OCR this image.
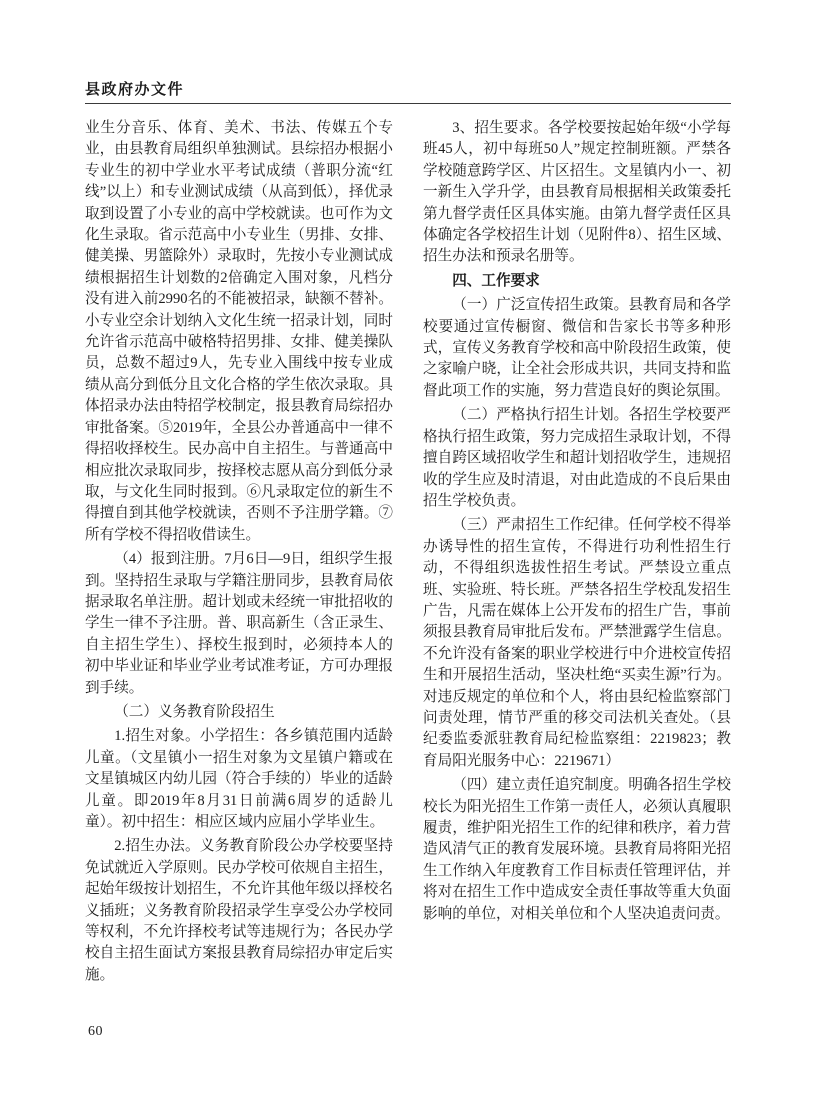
县政府办文件

业生分音乐、体育、美术、书法、传媒五个专业，由县教育局组织单独测试。县综招办根据小专业生的初中学业水平考试成绩（普职分流“红线”以上）和专业测试成绩（从高到低），择优录取到设置了小专业的高中学校就读。也可作为文化生录取。省示范高中小专业生（男排、女排、健美操、男篮除外）录取时，先按小专业测试成绩根据招生计划数的2倍确定入围对象，凡档分没有进入前2990名的不能被招录，缺额不替补。小专业空余计划纳入文化生统一招录计划，同时允许省示范高中破格特招男排、女排、健美操队员，总数不超过9人，先专业入围线中按专业成绩从高分到低分且文化合格的学生依次录取。具体招录办法由特招学校制定，报县教育局综招办审批备案。⑤2019年，全县公办普通高中一律不得招收择校生。民办高中自主招生。与普通高中相应批次录取同步，按择校志愿从高分到低分录取，与文化生同时报到。⑥凡录取定位的新生不得擅自到其他学校就读，否则不予注册学籍。⑦所有学校不得招收借读生。

（4）报到注册。7月6日—9日，组织学生报到。坚持招生录取与学籍注册同步，县教育局依据录取名单注册。超计划或未经统一审批招收的学生一律不予注册。普、职高新生（含正录生、自主招生学生）、择校生报到时，必须持本人的初中毕业证和毕业学业考试准考证，方可办理报到手续。

（二）义务教育阶段招生

1.招生对象。小学招生：各乡镇范围内适龄儿童。（文星镇小一招生对象为文星镇户籍或在文星镇城区内幼儿园（符合手续的）毕业的适龄儿童。即2019年8月31日前满6周岁的适龄儿童）。初中招生：相应区域内应届小学毕业生。

2.招生办法。义务教育阶段公办学校要坚持免试就近入学原则。民办学校可依规自主招生，起始年级按计划招生，不允许其他年级以择校名义插班；义务教育阶段招录学生享受公办学校同等权利，不允许择校考试等违规行为；各民办学校自主招生面试方案报县教育局综招办审定后实施。

3、招生要求。各学校要按起始年级“小学每班45人，初中每班50人”规定控制班额。严禁各学校随意跨学区、片区招生。文星镇内小一、初一新生入学升学，由县教育局根据相关政策委托第九督学责任区具体实施。由第九督学责任区具体确定各学校招生计划（见附件8）、招生区域、招生办法和预录名册等。

四、工作要求

（一）广泛宣传招生政策。县教育局和各学校要通过宣传橱窗、微信和告家长书等多种形式，宣传义务教育学校和高中阶段招生政策，使之家喻户晓，让全社会形成共识，共同支持和监督此项工作的实施，努力营造良好的舆论氛围。

（二）严格执行招生计划。各招生学校要严格执行招生政策，努力完成招生录取计划，不得擅自跨区域招收学生和超计划招收学生，违规招收的学生应及时清退，对由此造成的不良后果由招生学校负责。

（三）严肃招生工作纪律。任何学校不得举办诱导性的招生宣传，不得进行功利性招生行动，不得组织选拔性招生考试。严禁设立重点班、实验班、特长班。严禁各招生学校乱发招生广告，凡需在媒体上公开发布的招生广告，事前须报县教育局审批后发布。严禁泄露学生信息。不允许没有备案的职业学校进行中介进校宣传招生和开展招生活动，坚决杜绝“买卖生源”行为。对违反规定的单位和个人，将由县纪检监察部门问责处理，情节严重的移交司法机关查处。（县纪委监委派驻教育局纪检监察组：2219823；教育局阳光服务中心：2219671）

（四）建立责任追究制度。明确各招生学校校长为阳光招生工作第一责任人，必须认真履职履责，维护阳光招生工作的纪律和秩序，着力营造风清气正的教育发展环境。县教育局将阳光招生工作纳入年度教育工作目标责任管理评估，并将对在招生工作中造成安全责任事故等重大负面影响的单位，对相关单位和个人坚决追责问责。

60
